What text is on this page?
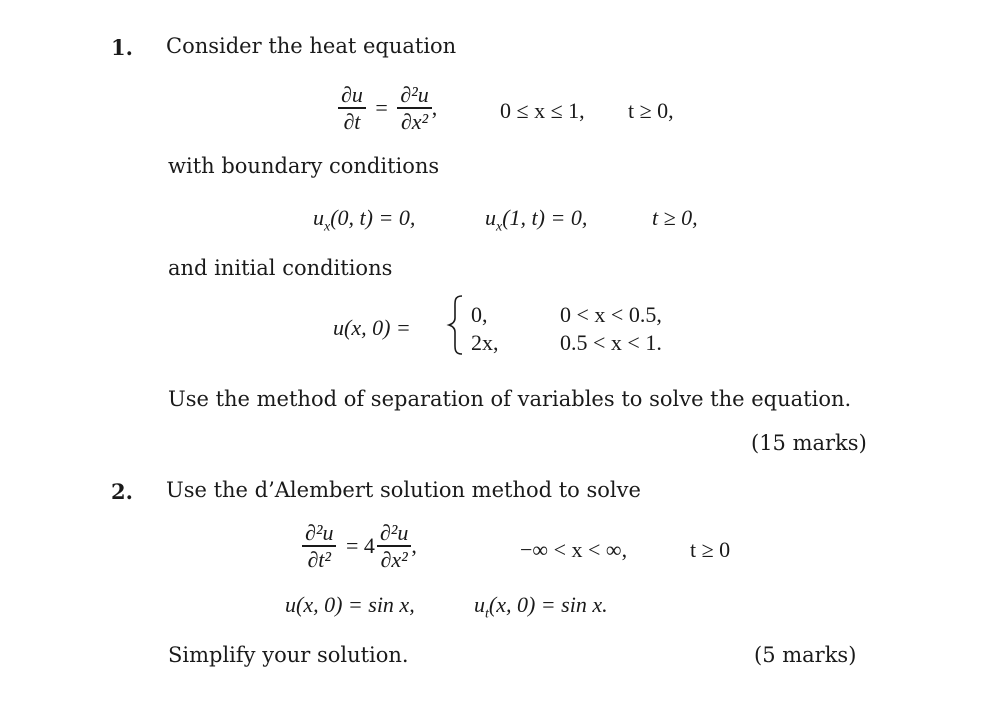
1. Consider the heat equation
$\frac{\partial u}{\partial t} = \frac{\text{∂²u}}{\text{∂x²}}$ ,	0 ≤ x ≤ 1, t ≥ 0,
with boundary conditions
$u_x(0$, t) = 0,	$u_x(1$, t) = 0,	t ≥ 0,
and initial conditions
u(x, 0) =
0,	0 < x < 0.5,
2x,	0.5 < x < 1.
Use the method of separation of variables to solve the equation.
(15 marks)
2. Use the d’Alembert solution method to solve
$\frac{\text{∂²u}}{\text{∂t²}} = 4 \frac{\text{∂²u}}{\text{∂x²}}$ ,	−∞ < x < ∞,	t ≥ 0
u(x, 0) = sin x,	$u_t(x$, 0) = sin x.
Simplify your solution.	(5 marks)
